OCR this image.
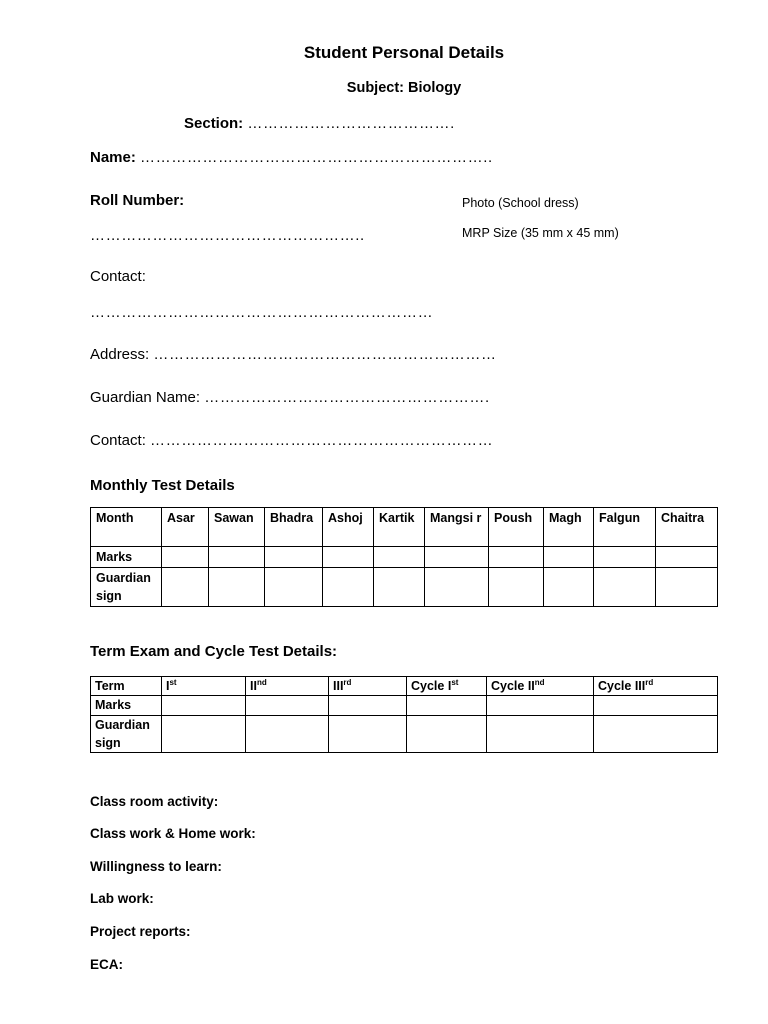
Student Personal Details
Subject: Biology
Section: ………………………………….
Name: …………………………………………………………..
Roll Number:
……………………………………………..
Photo (School dress)
MRP Size (35 mm x 45 mm)
Contact:
…………………………………………………………
Address: …………………………………………………………
Guardian Name: ……………………………………………….
Contact: …………………………………………………………
Monthly Test Details
Month	Asar	Sawan	Bhadra	Ashoj	Kartik	Mangsi r	Poush	Magh	Falgun	Chaitra
Marks										
Guardian sign										
Term Exam and Cycle Test Details:
Term	Ist	IInd	IIIrd	Cycle Ist	Cycle IInd	Cycle IIIrd
Marks						
Guardian sign						
Class room activity:
Class work & Home work:
Willingness to learn:
Lab work:
Project reports:
ECA:
